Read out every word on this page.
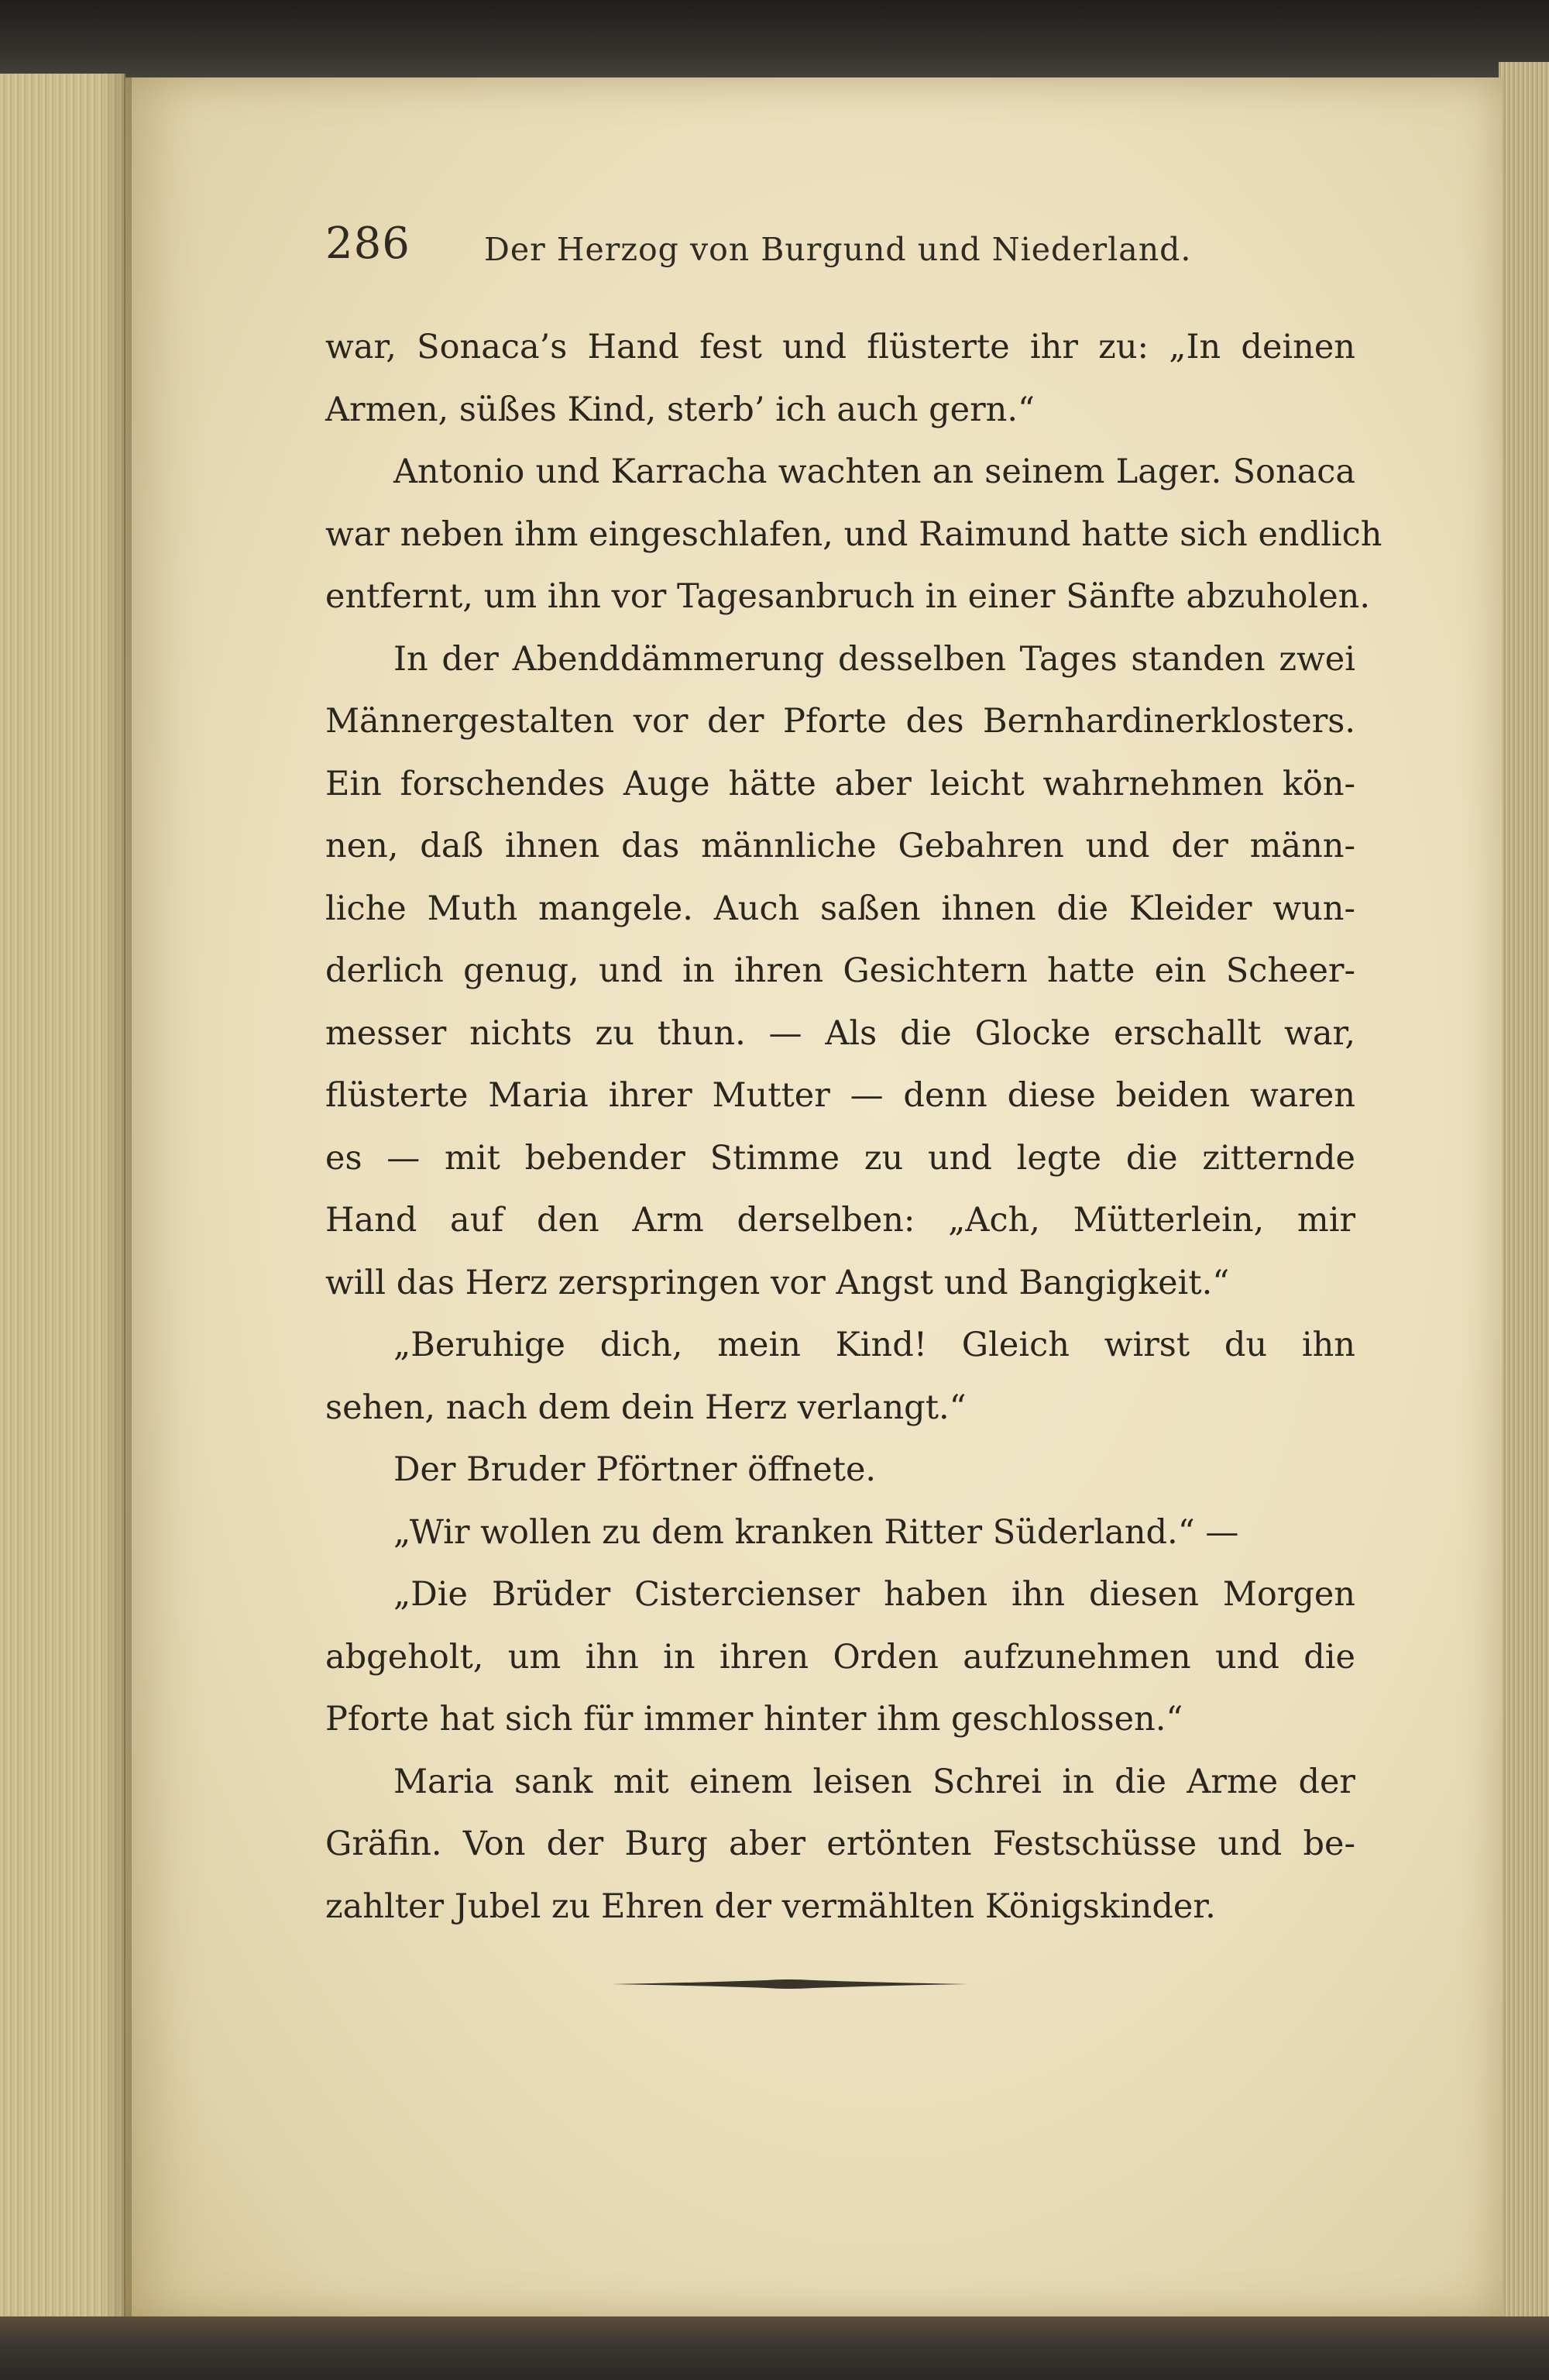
286 Der Herzog von Burgund und Niederland.
war, Sonaca’s Hand fest und flüsterte ihr zu: „In deinen
Armen, süßes Kind, sterb’ ich auch gern.“
Antonio und Karracha wachten an seinem Lager. Sonaca
war neben ihm eingeschlafen, und Raimund hatte sich endlich
entfernt, um ihn vor Tagesanbruch in einer Sänfte abzuholen.
In der Abenddämmerung desselben Tages standen zwei
Männergestalten vor der Pforte des Bernhardinerklosters.
Ein forschendes Auge hätte aber leicht wahrnehmen kön-
nen, daß ihnen das männliche Gebahren und der männ-
liche Muth mangele. Auch saßen ihnen die Kleider wun-
derlich genug, und in ihren Gesichtern hatte ein Scheer-
messer nichts zu thun. — Als die Glocke erschallt war,
flüsterte Maria ihrer Mutter — denn diese beiden waren
es — mit bebender Stimme zu und legte die zitternde
Hand auf den Arm derselben: „Ach, Mütterlein, mir
will das Herz zerspringen vor Angst und Bangigkeit.“
„Beruhige dich, mein Kind! Gleich wirst du ihn
sehen, nach dem dein Herz verlangt.“
Der Bruder Pförtner öffnete.
„Wir wollen zu dem kranken Ritter Süderland.“ —
„Die Brüder Cistercienser haben ihn diesen Morgen
abgeholt, um ihn in ihren Orden aufzunehmen und die
Pforte hat sich für immer hinter ihm geschlossen.“
Maria sank mit einem leisen Schrei in die Arme der
Gräfin. Von der Burg aber ertönten Festschüsse und be-
zahlter Jubel zu Ehren der vermählten Königskinder.
